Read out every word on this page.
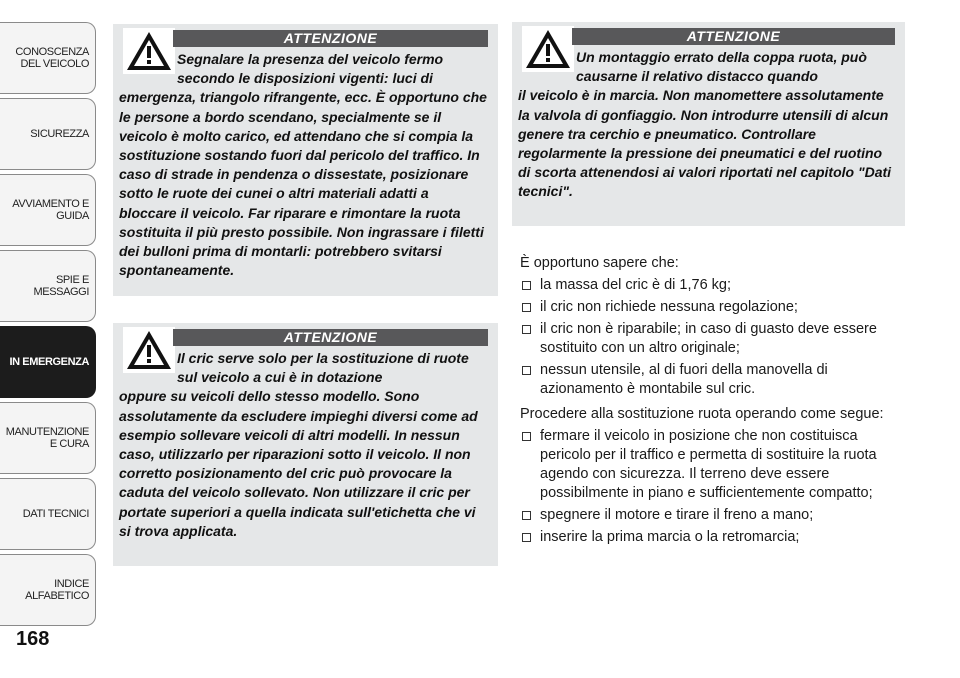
CONOSCENZA DEL VEICOLO
SICUREZZA
AVVIAMENTO E GUIDA
SPIE E MESSAGGI
IN EMERGENZA
MANUTENZIONE E CURA
DATI TECNICI
INDICE ALFABETICO
168
ATTENZIONE
Segnalare la presenza del veicolo fermo secondo le disposizioni vigenti: luci di
emergenza, triangolo rifrangente, ecc. È opportuno che le persone a bordo scendano, specialmente se il veicolo è molto carico, ed attendano che si compia la sostituzione sostando fuori dal pericolo del traffico. In caso di strade in pendenza o dissestate, posizionare sotto le ruote dei cunei o altri materiali adatti a bloccare il veicolo. Far riparare e rimontare la ruota sostituita il più presto possibile. Non ingrassare i filetti dei bulloni prima di montarli: potrebbero svitarsi spontaneamente.
ATTENZIONE
Il cric serve solo per la sostituzione di ruote sul veicolo a cui è in dotazione
oppure su veicoli dello stesso modello. Sono assolutamente da escludere impieghi diversi come ad esempio sollevare veicoli di altri modelli. In nessun caso, utilizzarlo per riparazioni sotto il veicolo. Il non corretto posizionamento del cric può provocare la caduta del veicolo sollevato. Non utilizzare il cric per portate superiori a quella indicata sull'etichetta che vi si trova applicata.
ATTENZIONE
Un montaggio errato della coppa ruota, può causarne il relativo distacco quando
il veicolo è in marcia. Non manomettere assolutamente la valvola di gonfiaggio. Non introdurre utensili di alcun genere tra cerchio e pneumatico. Controllare regolarmente la pressione dei pneumatici e del ruotino di scorta attenendosi ai valori riportati nel capitolo "Dati tecnici".

È opportuno sapere che:

la massa del cric è di 1,76 kg;
il cric non richiede nessuna regolazione;
il cric non è riparabile; in caso di guasto deve essere sostituito con un altro originale;
nessun utensile, al di fuori della manovella di azionamento è montabile sul cric.

Procedere alla sostituzione ruota operando come segue:

fermare il veicolo in posizione che non costituisca pericolo per il traffico e permetta di sostituire la ruota agendo con sicurezza. Il terreno deve essere possibilmente in piano e sufficientemente compatto;
spegnere il motore e tirare il freno a mano;
inserire la prima marcia o la retromarcia;
